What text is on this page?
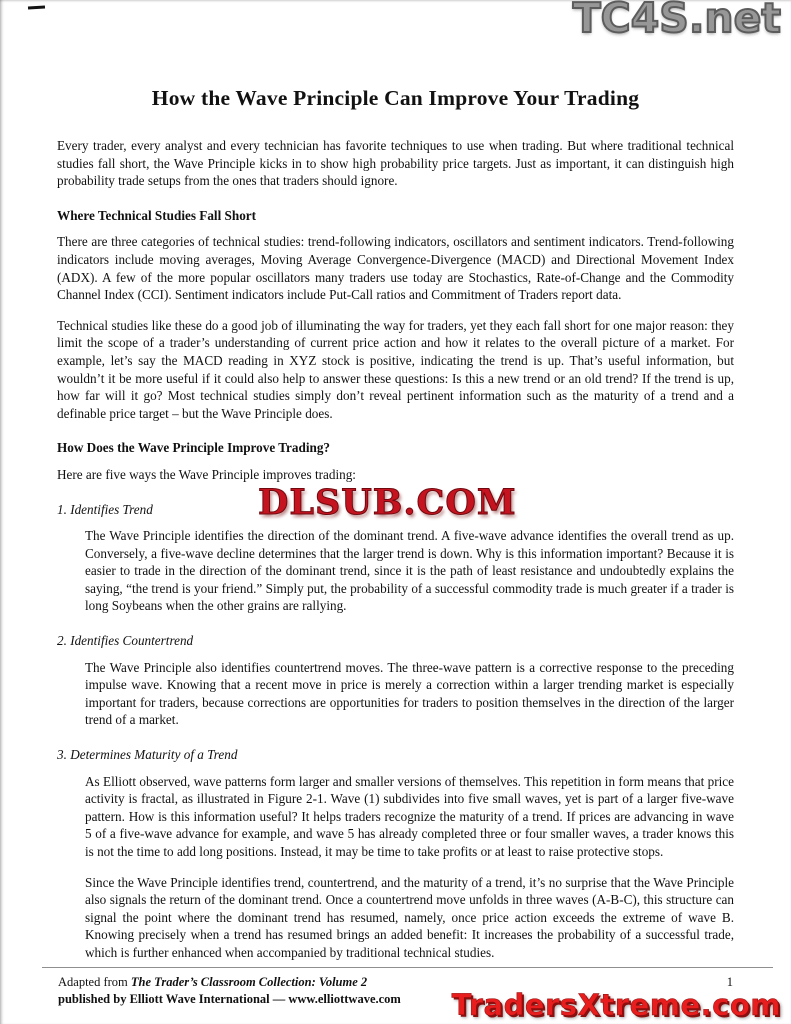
TC4S.net
How the Wave Principle Can Improve Your Trading
Every trader, every analyst and every technician has favorite techniques to use when trading. But where traditional technical studies fall short, the Wave Principle kicks in to show high probability price targets. Just as important, it can distinguish high probability trade setups from the ones that traders should ignore.
Where Technical Studies Fall Short
There are three categories of technical studies: trend-following indicators, oscillators and sentiment indicators. Trend-following indicators include moving averages, Moving Average Convergence-Divergence (MACD) and Directional Movement Index (ADX). A few of the more popular oscillators many traders use today are Stochastics, Rate-of-Change and the Commodity Channel Index (CCI). Sentiment indicators include Put-Call ratios and Commitment of Traders report data.
Technical studies like these do a good job of illuminating the way for traders, yet they each fall short for one major reason: they limit the scope of a trader’s understanding of current price action and how it relates to the overall picture of a market. For example, let’s say the MACD reading in XYZ stock is positive, indicating the trend is up. That’s useful information, but wouldn’t it be more useful if it could also help to answer these questions: Is this a new trend or an old trend? If the trend is up, how far will it go? Most technical studies simply don’t reveal pertinent information such as the maturity of a trend and a definable price target – but the Wave Principle does.
How Does the Wave Principle Improve Trading?
Here are five ways the Wave Principle improves trading:
1. Identifies Trend
The Wave Principle identifies the direction of the dominant trend. A five-wave advance identifies the overall trend as up. Conversely, a five-wave decline determines that the larger trend is down. Why is this information important? Because it is easier to trade in the direction of the dominant trend, since it is the path of least resistance and undoubtedly explains the saying, “the trend is your friend.” Simply put, the probability of a successful commodity trade is much greater if a trader is long Soybeans when the other grains are rallying.
2. Identifies Countertrend
The Wave Principle also identifies countertrend moves. The three-wave pattern is a corrective response to the preceding impulse wave. Knowing that a recent move in price is merely a correction within a larger trending market is especially important for traders, because corrections are opportunities for traders to position themselves in the direction of the larger trend of a market.
3. Determines Maturity of a Trend
As Elliott observed, wave patterns form larger and smaller versions of themselves. This repetition in form means that price activity is fractal, as illustrated in Figure 2-1. Wave (1) subdivides into five small waves, yet is part of a larger five-wave pattern. How is this information useful? It helps traders recognize the maturity of a trend. If prices are advancing in wave 5 of a five-wave advance for example, and wave 5 has already completed three or four smaller waves, a trader knows this is not the time to add long positions. Instead, it may be time to take profits or at least to raise protective stops.
Since the Wave Principle identifies trend, countertrend, and the maturity of a trend, it’s no surprise that the Wave Principle also signals the return of the dominant trend. Once a countertrend move unfolds in three waves (A-B-C), this structure can signal the point where the dominant trend has resumed, namely, once price action exceeds the extreme of wave B. Knowing precisely when a trend has resumed brings an added benefit: It increases the probability of a successful trade, which is further enhanced when accompanied by traditional technical studies.
DLSUB.COM
Adapted from The Trader’s Classroom Collection: Volume 2
published by Elliott Wave International — www.elliottwave.com
1
TradersXtreme.com
